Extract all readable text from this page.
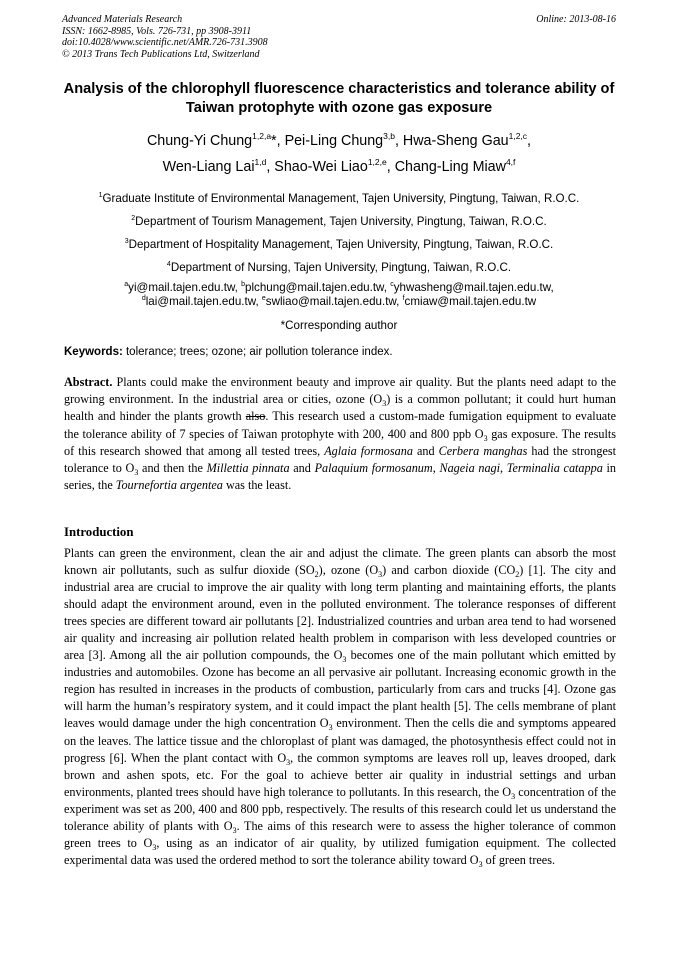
Advanced Materials Research
ISSN: 1662-8985, Vols. 726-731, pp 3908-3911
doi:10.4028/www.scientific.net/AMR.726-731.3908
© 2013 Trans Tech Publications Ltd, Switzerland
Online: 2013-08-16
Analysis of the chlorophyll fluorescence characteristics and tolerance ability of Taiwan protophyte with ozone gas exposure
Chung-Yi Chung$^{1,2,a}$*, Pei-Ling Chung$^{3,b}$, Hwa-Sheng Gau$^{1,2,c}$,
Wen-Liang Lai$^{1,d}$, Shao-Wei Liao$^{1,2,e}$, Chang-Ling Miaw$^{4,f}$
$^1$Graduate Institute of Environmental Management, Tajen University, Pingtung, Taiwan, R.O.C.
$^2$Department of Tourism Management, Tajen University, Pingtung, Taiwan, R.O.C.
$^3$Department of Hospitality Management, Tajen University, Pingtung, Taiwan, R.O.C.
$^4$Department of Nursing, Tajen University, Pingtung, Taiwan, R.O.C.
$^a$yi@mail.tajen.edu.tw, $^b$plchung@mail.tajen.edu.tw, $^c$yhwasheng@mail.tajen.edu.tw,
$^d$lai@mail.tajen.edu.tw, $^e$swliao@mail.tajen.edu.tw, $^f$cmiaw@mail.tajen.edu.tw
*Corresponding author
Keywords: tolerance; trees; ozone; air pollution tolerance index.
Abstract. Plants could make the environment beauty and improve air quality. But the plants need adapt to the growing environment. In the industrial area or cities, ozone $(O_3)$ is a common pollutant; it could hurt human health and hinder the plants growth also. This research used a custom-made fumigation equipment to evaluate the tolerance ability of 7 species of Taiwan protophyte with 200, 400 and 800 ppb $O_3$ gas exposure. The results of this research showed that among all tested trees, Aglaia formosana and Cerbera manghas had the strongest tolerance to $O_3$ and then the Millettia pinnata and Palaquium formosanum, Nageia nagi, Terminalia catappa in series, the Tournefortia argentea was the least.
Introduction
Plants can green the environment, clean the air and adjust the climate. The green plants can absorb the most known air pollutants, such as sulfur dioxide $(SO_2)$, ozone $(O_3)$ and carbon dioxide $(CO_2)$ [1]. The city and industrial area are crucial to improve the air quality with long term planting and maintaining efforts, the plants should adapt the environment around, even in the polluted environment. The tolerance responses of different trees species are different toward air pollutants [2]. Industrialized countries and urban area tend to had worsened air quality and increasing air pollution related health problem in comparison with less developed countries or area [3]. Among all the air pollution compounds, the $O_3$ becomes one of the main pollutant which emitted by industries and automobiles. Ozone has become an all pervasive air pollutant. Increasing economic growth in the region has resulted in increases in the products of combustion, particularly from cars and trucks [4]. Ozone gas will harm the human’s respiratory system, and it could impact the plant health [5]. The cells membrane of plant leaves would damage under the high concentration $O_3$ environment. Then the cells die and symptoms appeared on the leaves. The lattice tissue and the chloroplast of plant was damaged, the photosynthesis effect could not in progress [6]. When the plant contact with $O_3$, the common symptoms are leaves roll up, leaves drooped, dark brown and ashen spots, etc. For the goal to achieve better air quality in industrial settings and urban environments, planted trees should have high tolerance to pollutants. In this research, the $O_3$ concentration of the experiment was set as 200, 400 and 800 ppb, respectively. The results of this research could let us understand the tolerance ability of plants with $O_3$. The aims of this research were to assess the higher tolerance of common green trees to $O_3$, using as an indicator of air quality, by utilized fumigation equipment. The collected experimental data was used the ordered method to sort the tolerance ability toward $O_3$ of green trees.
